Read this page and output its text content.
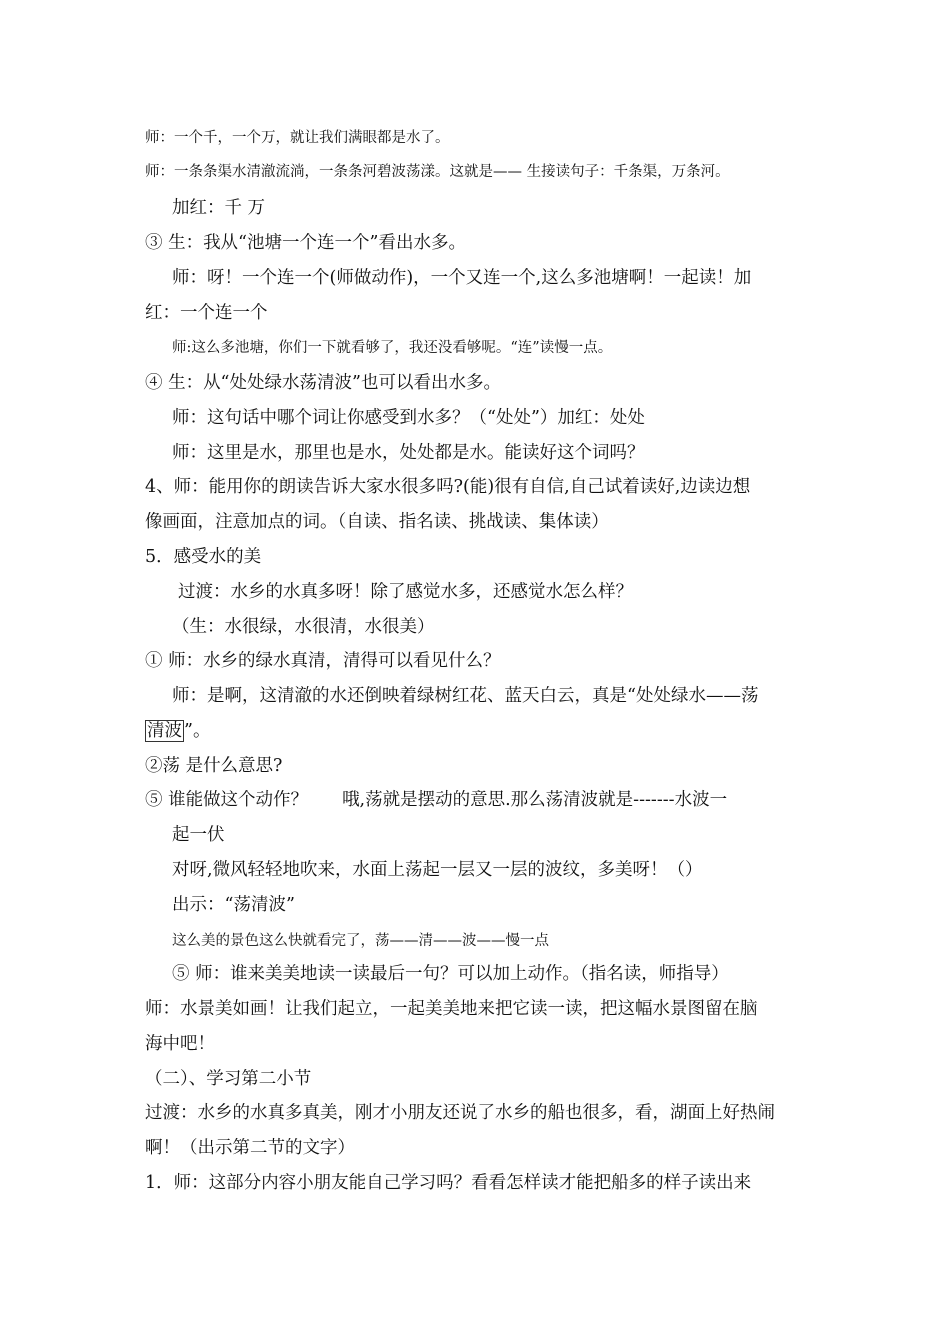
师：一个千，一个万，就让我们满眼都是水了。
师：一条条渠水清澈流淌，一条条河碧波荡漾。这就是—— 生接读句子：千条渠，万条河。
加红：千 万
③ 生：我从“池塘一个连一个”看出水多。
师：呀！一个连一个(师做动作)，一个又连一个,这么多池塘啊！一起读！加
红：一个连一个
师:这么多池塘，你们一下就看够了，我还没看够呢。“连”读慢一点。
④ 生：从“处处绿水荡清波”也可以看出水多。
师：这句话中哪个词让你感受到水多？（“处处”）加红：处处
师：这里是水，那里也是水，处处都是水。能读好这个词吗？
4、师：能用你的朗读告诉大家水很多吗?(能)很有自信,自己试着读好,边读边想
像画面，注意加点的词。（自读、指名读、挑战读、集体读）
5．感受水的美
过渡：水乡的水真多呀！除了感觉水多，还感觉水怎么样？
（生：水很绿，水很清，水很美）
① 师：水乡的绿水真清，清得可以看见什么？
师：是啊，这清澈的水还倒映着绿树红花、蓝天白云，真是“处处绿水——荡
清波 ”。
②荡 是什么意思?
⑤ 谁能做这个动作？ 哦,荡就是摆动的意思.那么荡清波就是-------水波一
起一伏
对呀,微风轻轻地吹来，水面上荡起一层又一层的波纹，多美呀！（）
出示：“荡清波”
这么美的景色这么快就看完了，荡——清——波——慢一点
⑤ 师：谁来美美地读一读最后一句？可以加上动作。（指名读，师指导）
师：水景美如画！让我们起立，一起美美地来把它读一读，把这幅水景图留在脑
海中吧！
（二）、学习第二小节
过渡：水乡的水真多真美，刚才小朋友还说了水乡的船也很多，看，湖面上好热闹
啊！（出示第二节的文字）
1．师：这部分内容小朋友能自己学习吗？看看怎样读才能把船多的样子读出来
